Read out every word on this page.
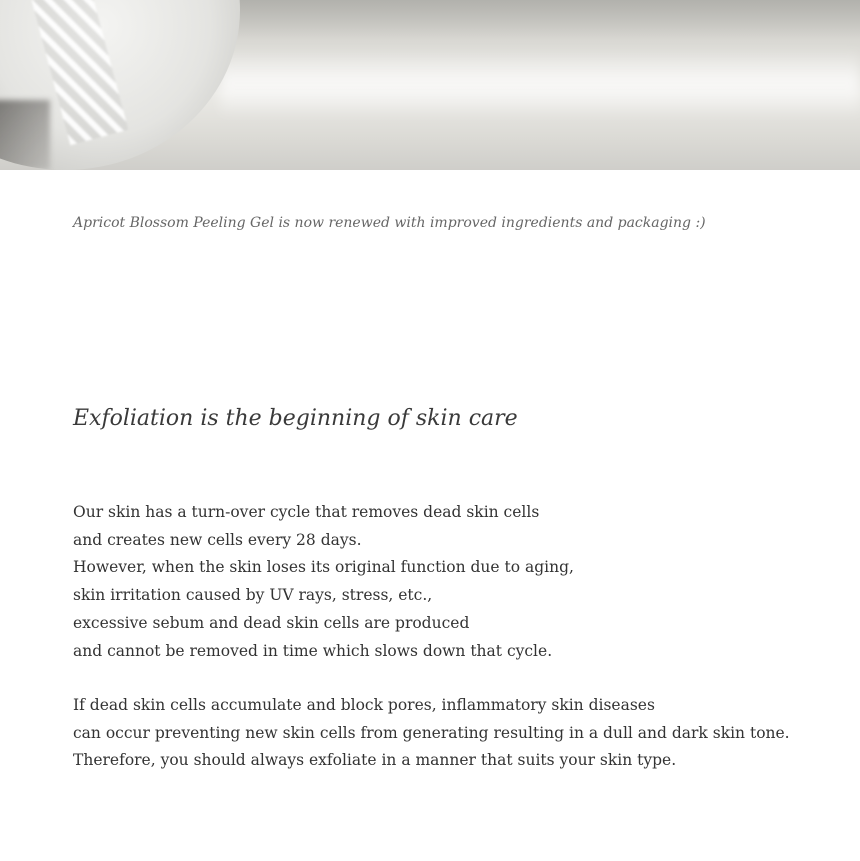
Apricot Blossom Peeling Gel is now renewed with improved ingredients and packaging :)
Exfoliation is the beginning of skin care
Our skin has a turn-over cycle that removes dead skin cells
and creates new cells every 28 days.
However, when the skin loses its original function due to aging,
skin irritation caused by UV rays, stress, etc.,
excessive sebum and dead skin cells are produced
and cannot be removed in time which slows down that cycle.
If dead skin cells accumulate and block pores, inflammatory skin diseases
can occur preventing new skin cells from generating resulting in a dull and dark skin tone.
Therefore, you should always exfoliate in a manner that suits your skin type.
